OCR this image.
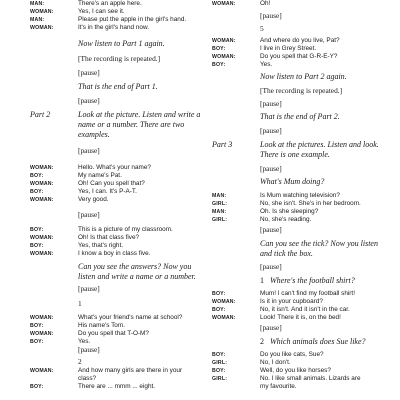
MAN:	There's an apple here.
WOMAN:	Yes, I can see it.
MAN:	Please put the apple in the girl's hand.
WOMAN:	It's in the girl's hand now.
Now listen to Part 1 again.
[The recording is repeated.]
[pause]
That is the end of Part 1.
[pause]
Part 2	Look at the picture. Listen and write a name or a number. There are two examples.
[pause]
WOMAN:	Hello. What's your name?
BOY:	My name's Pat.
WOMAN:	Oh! Can you spell that?
BOY:	Yes, I can. It's P-A-T.
WOMAN:	Very good.
[pause]
BOY:	This is a picture of my classroom.
WOMAN:	Oh! Is that class five?
BOY:	Yes, that's right.
WOMAN:	I know a boy in class five.
Can you see the answers? Now you listen and write a name or a number.
[pause]
1
WOMAN:	What's your friend's name at school?
BOY:	His name's Tom.
WOMAN:	Do you spell that T-O-M?
BOY:	Yes.
[pause]
2
WOMAN:	And how many girls are there in your
class?
BOY:	There are ... mmm ... eight.
WOMAN:	Oh!
[pause]
5
WOMAN:	And where do you live, Pat?
BOY:	I live in Grey Street.
WOMAN:	Do you spell that G-R-E-Y?
BOY:	Yes.
Now listen to Part 2 again.
[The recording is repeated.]
[pause]
That is the end of Part 2.
[pause]
Part 3	Look at the pictures. Listen and look. There is one example.
[pause]
What's Mum doing?
MAN:	Is Mum watching television?
GIRL:	No, she isn't. She's in her bedroom.
MAN:	Oh. Is she sleeping?
GIRL:	No, she's reading.
[pause]
Can you see the tick? Now you listen and tick the box.
[pause]
1 Where's the football shirt?
BOY:	Mum! I can't find my football shirt!
WOMAN:	Is it in your cupboard?
BOY:	No, it isn't. And it isn't in the car.
WOMAN:	Look! There it is, on the bed!
[pause]
2 Which animals does Sue like?
BOY:	Do you like cats, Sue?
GIRL:	No, I don't.
BOY:	Well, do you like horses?
GIRL:	No. I like small animals. Lizards are
my favourite.
